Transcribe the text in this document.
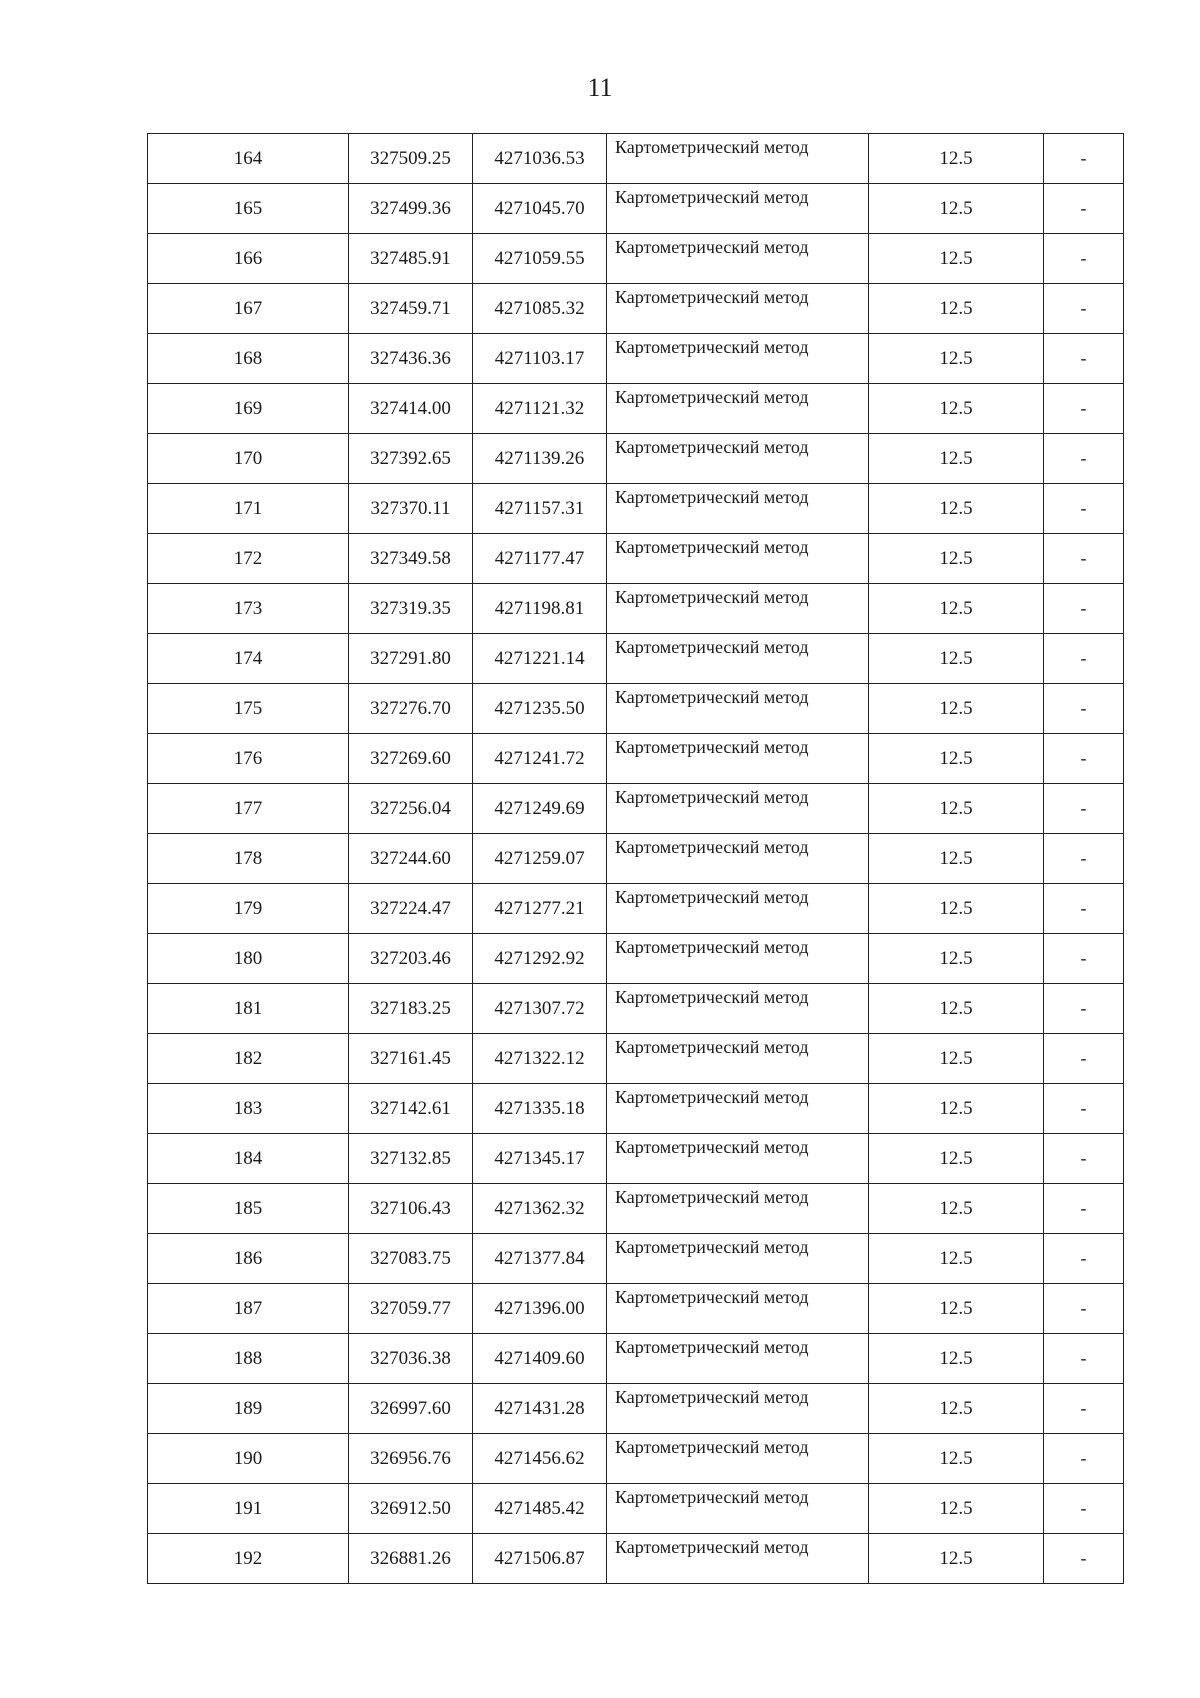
11
164	327509.25	4271036.53	Картометрический метод	12.5	-
165	327499.36	4271045.70	Картометрический метод	12.5	-
166	327485.91	4271059.55	Картометрический метод	12.5	-
167	327459.71	4271085.32	Картометрический метод	12.5	-
168	327436.36	4271103.17	Картометрический метод	12.5	-
169	327414.00	4271121.32	Картометрический метод	12.5	-
170	327392.65	4271139.26	Картометрический метод	12.5	-
171	327370.11	4271157.31	Картометрический метод	12.5	-
172	327349.58	4271177.47	Картометрический метод	12.5	-
173	327319.35	4271198.81	Картометрический метод	12.5	-
174	327291.80	4271221.14	Картометрический метод	12.5	-
175	327276.70	4271235.50	Картометрический метод	12.5	-
176	327269.60	4271241.72	Картометрический метод	12.5	-
177	327256.04	4271249.69	Картометрический метод	12.5	-
178	327244.60	4271259.07	Картометрический метод	12.5	-
179	327224.47	4271277.21	Картометрический метод	12.5	-
180	327203.46	4271292.92	Картометрический метод	12.5	-
181	327183.25	4271307.72	Картометрический метод	12.5	-
182	327161.45	4271322.12	Картометрический метод	12.5	-
183	327142.61	4271335.18	Картометрический метод	12.5	-
184	327132.85	4271345.17	Картометрический метод	12.5	-
185	327106.43	4271362.32	Картометрический метод	12.5	-
186	327083.75	4271377.84	Картометрический метод	12.5	-
187	327059.77	4271396.00	Картометрический метод	12.5	-
188	327036.38	4271409.60	Картометрический метод	12.5	-
189	326997.60	4271431.28	Картометрический метод	12.5	-
190	326956.76	4271456.62	Картометрический метод	12.5	-
191	326912.50	4271485.42	Картометрический метод	12.5	-
192	326881.26	4271506.87	Картометрический метод	12.5	-
